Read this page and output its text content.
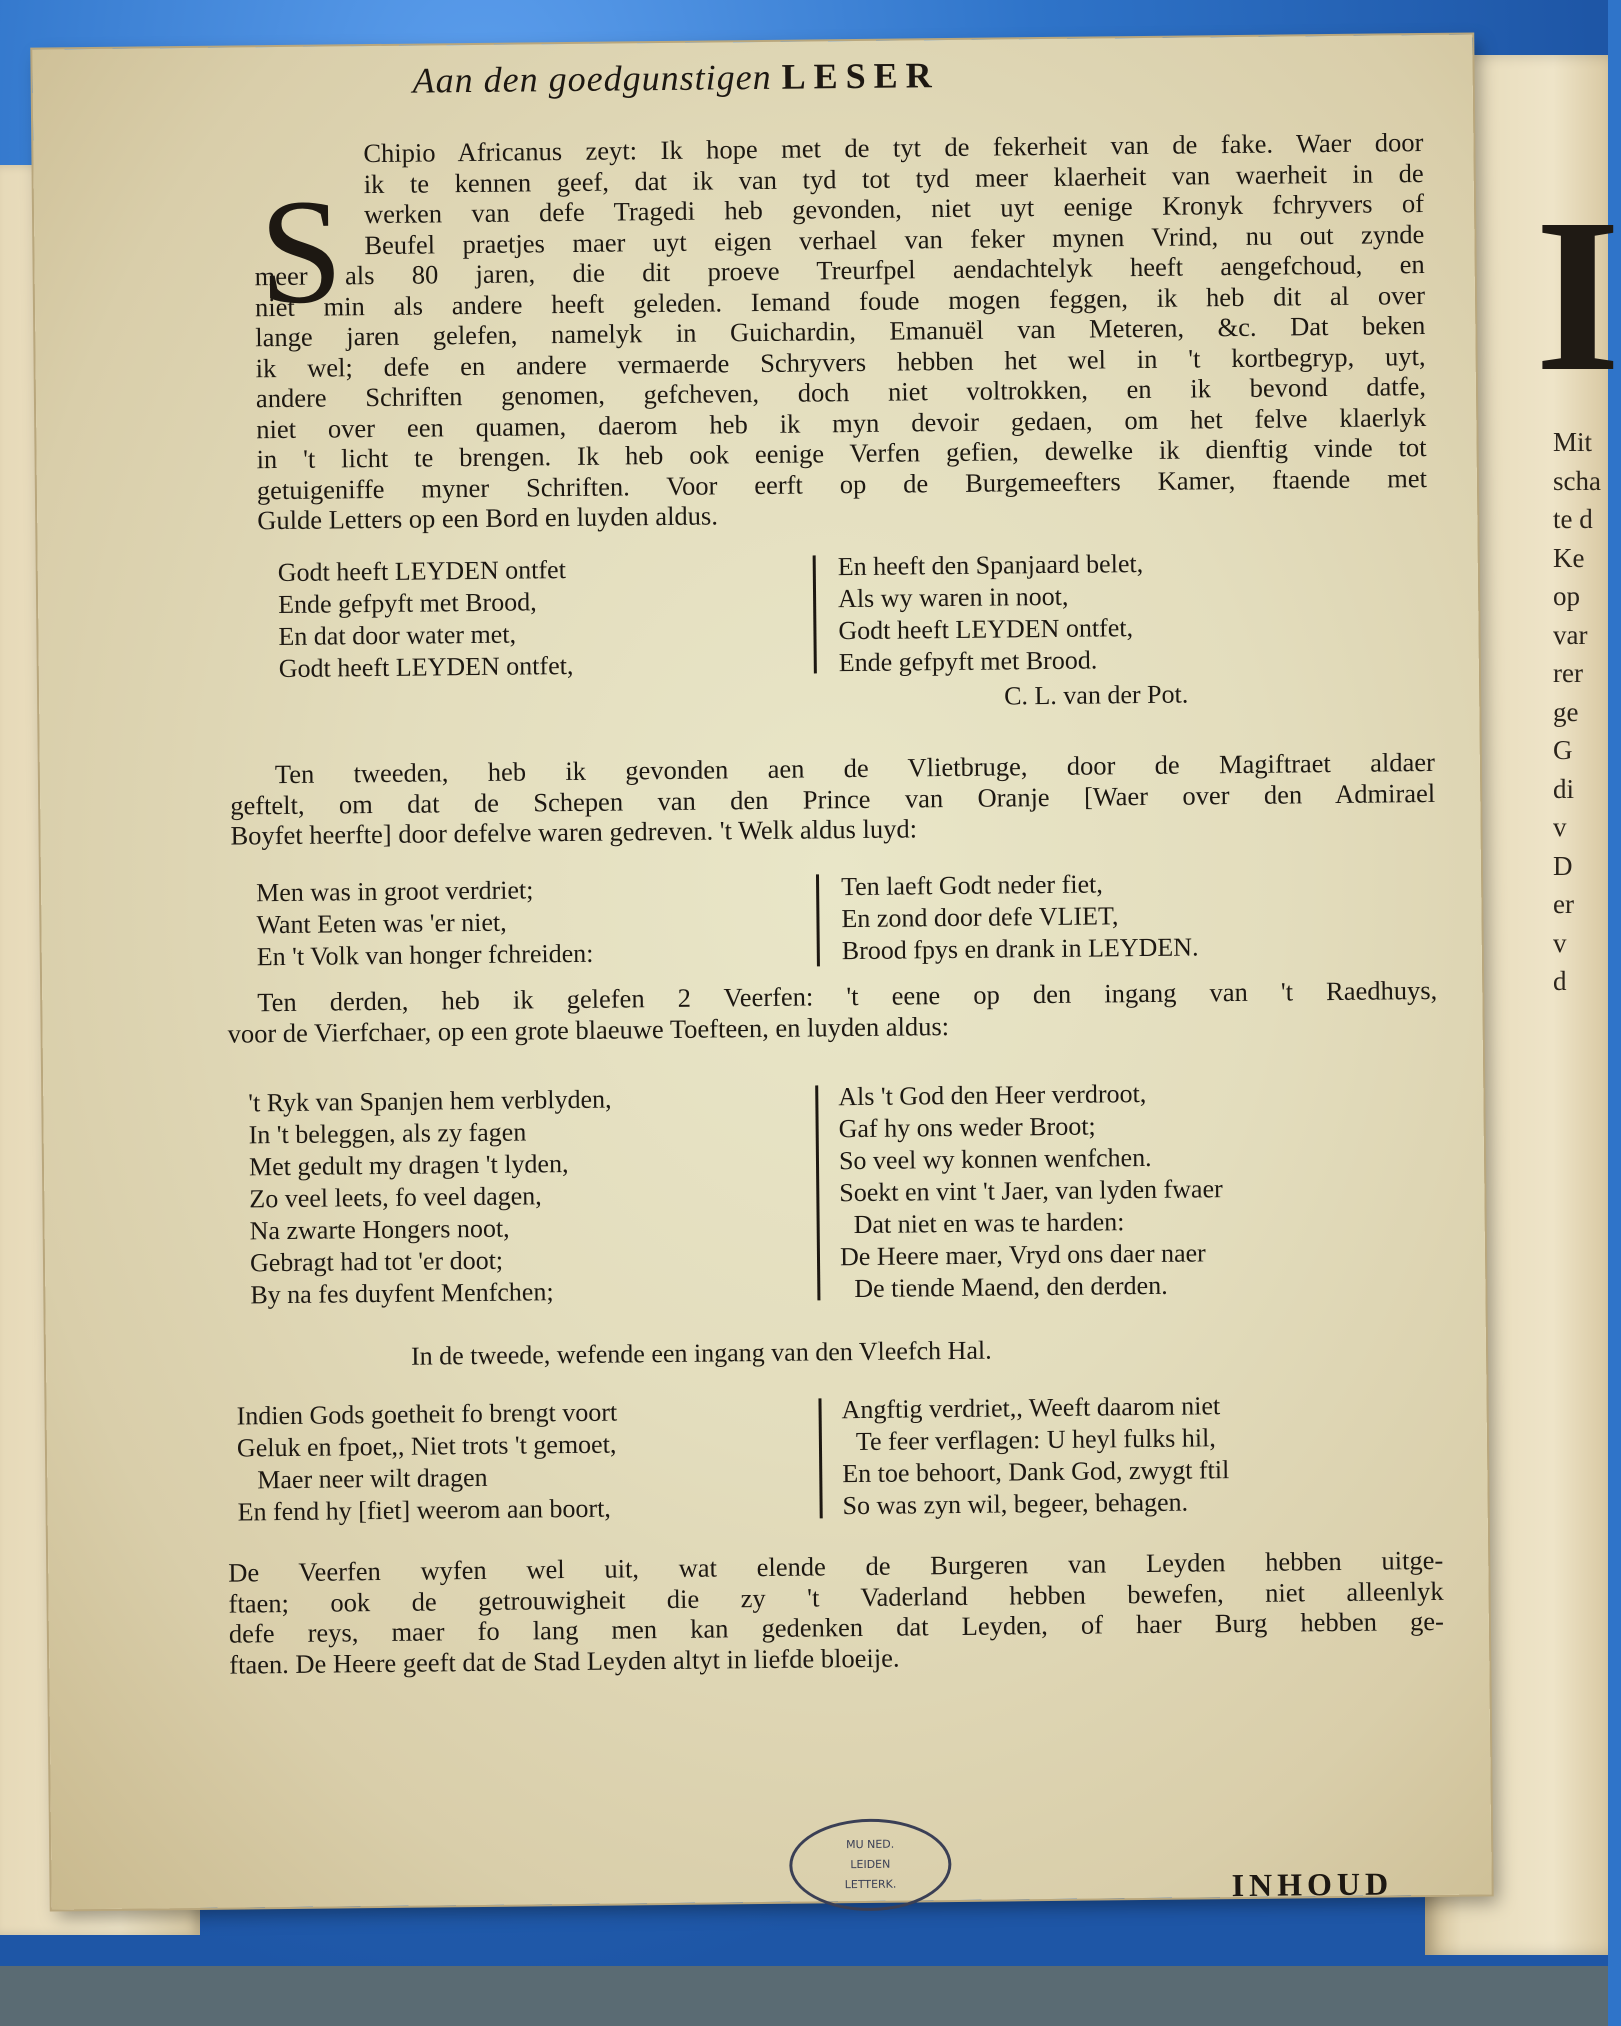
I
Mit
scha
te d
Ke
op
var
rer
ge
G
di
v
D
er
v
d
Aan den goedgunstigen LESER
S
Chipio Africanus zeyt: Ik hope met de tyt de fekerheit van de fake. Waer door
ik te kennen geef, dat ik van tyd tot tyd meer klaerheit van waerheit in de
werken van defe Tragedi heb gevonden, niet uyt eenige Kronyk fchryvers of
Beufel praetjes maer uyt eigen verhael van feker mynen Vrind, nu out zynde
meer als 80 jaren, die dit proeve Treurfpel aendachtelyk heeft aengefchoud, en
niet min als andere heeft geleden. Iemand foude mogen feggen, ik heb dit al over
lange jaren gelefen, namelyk in Guichardin, Emanuël van Meteren, &c. Dat beken
ik wel; defe en andere vermaerde Schryvers hebben het wel in 't kortbegryp, uyt,
andere Schriften genomen, gefcheven, doch niet voltrokken, en ik bevond datfe,
niet over een quamen, daerom heb ik myn devoir gedaen, om het felve klaerlyk
in 't licht te brengen. Ik heb ook eenige Verfen gefien, dewelke ik dienftig vinde tot
getuigeniffe myner Schriften. Voor eerft op de Burgemeefters Kamer, ftaende met
Gulde Letters op een Bord en luyden aldus.
Godt heeft LEYDEN ontfet
Ende gefpyft met Brood,
En dat door water met,
Godt heeft LEYDEN ontfet,
En heeft den Spanjaard belet,
Als wy waren in noot,
Godt heeft LEYDEN ontfet,
Ende gefpyft met Brood.
C. L. van der Pot.
Ten tweeden, heb ik gevonden aen de Vlietbruge, door de Magiftraet aldaer
geftelt, om dat de Schepen van den Prince van Oranje [Waer over den Admirael
Boyfet heerfte] door defelve waren gedreven. 't Welk aldus luyd:
Men was in groot verdriet;
Want Eeten was 'er niet,
En 't Volk van honger fchreiden:
Ten laeft Godt neder fiet,
En zond door defe VLIET,
Brood fpys en drank in LEYDEN.
Ten derden, heb ik gelefen 2 Veerfen: 't eene op den ingang van 't Raedhuys,
voor de Vierfchaer, op een grote blaeuwe Toefteen, en luyden aldus:
't Ryk van Spanjen hem verblyden,
In 't beleggen, als zy fagen
Met gedult my dragen 't lyden,
Zo veel leets, fo veel dagen,
Na zwarte Hongers noot,
Gebragt had tot 'er doot;
By na fes duyfent Menfchen;
Als 't God den Heer verdroot,
Gaf hy ons weder Broot;
So veel wy konnen wenfchen.
Soekt en vint 't Jaer, van lyden fwaer
Dat niet en was te harden:
De Heere maer, Vryd ons daer naer
De tiende Maend, den derden.
In de tweede, wefende een ingang van den Vleefch Hal.
Indien Gods goetheit fo brengt voort
Geluk en fpoet,, Niet trots 't gemoet,
Maer neer wilt dragen
En fend hy [fiet] weerom aan boort,
Angftig verdriet,, Weeft daarom niet
Te feer verflagen: U heyl fulks hil,
En toe behoort, Dank God, zwygt ftil
So was zyn wil, begeer, behagen.
De Veerfen wyfen wel uit, wat elende de Burgeren van Leyden hebben uitge-
ftaen; ook de getrouwigheit die zy 't Vaderland hebben bewefen, niet alleenlyk
defe reys, maer fo lang men kan gedenken dat Leyden, of haer Burg hebben ge-
ftaen. De Heere geeft dat de Stad Leyden altyt in liefde bloeije.
MU NED.
LEIDEN
LETTERK.	INHOUD
